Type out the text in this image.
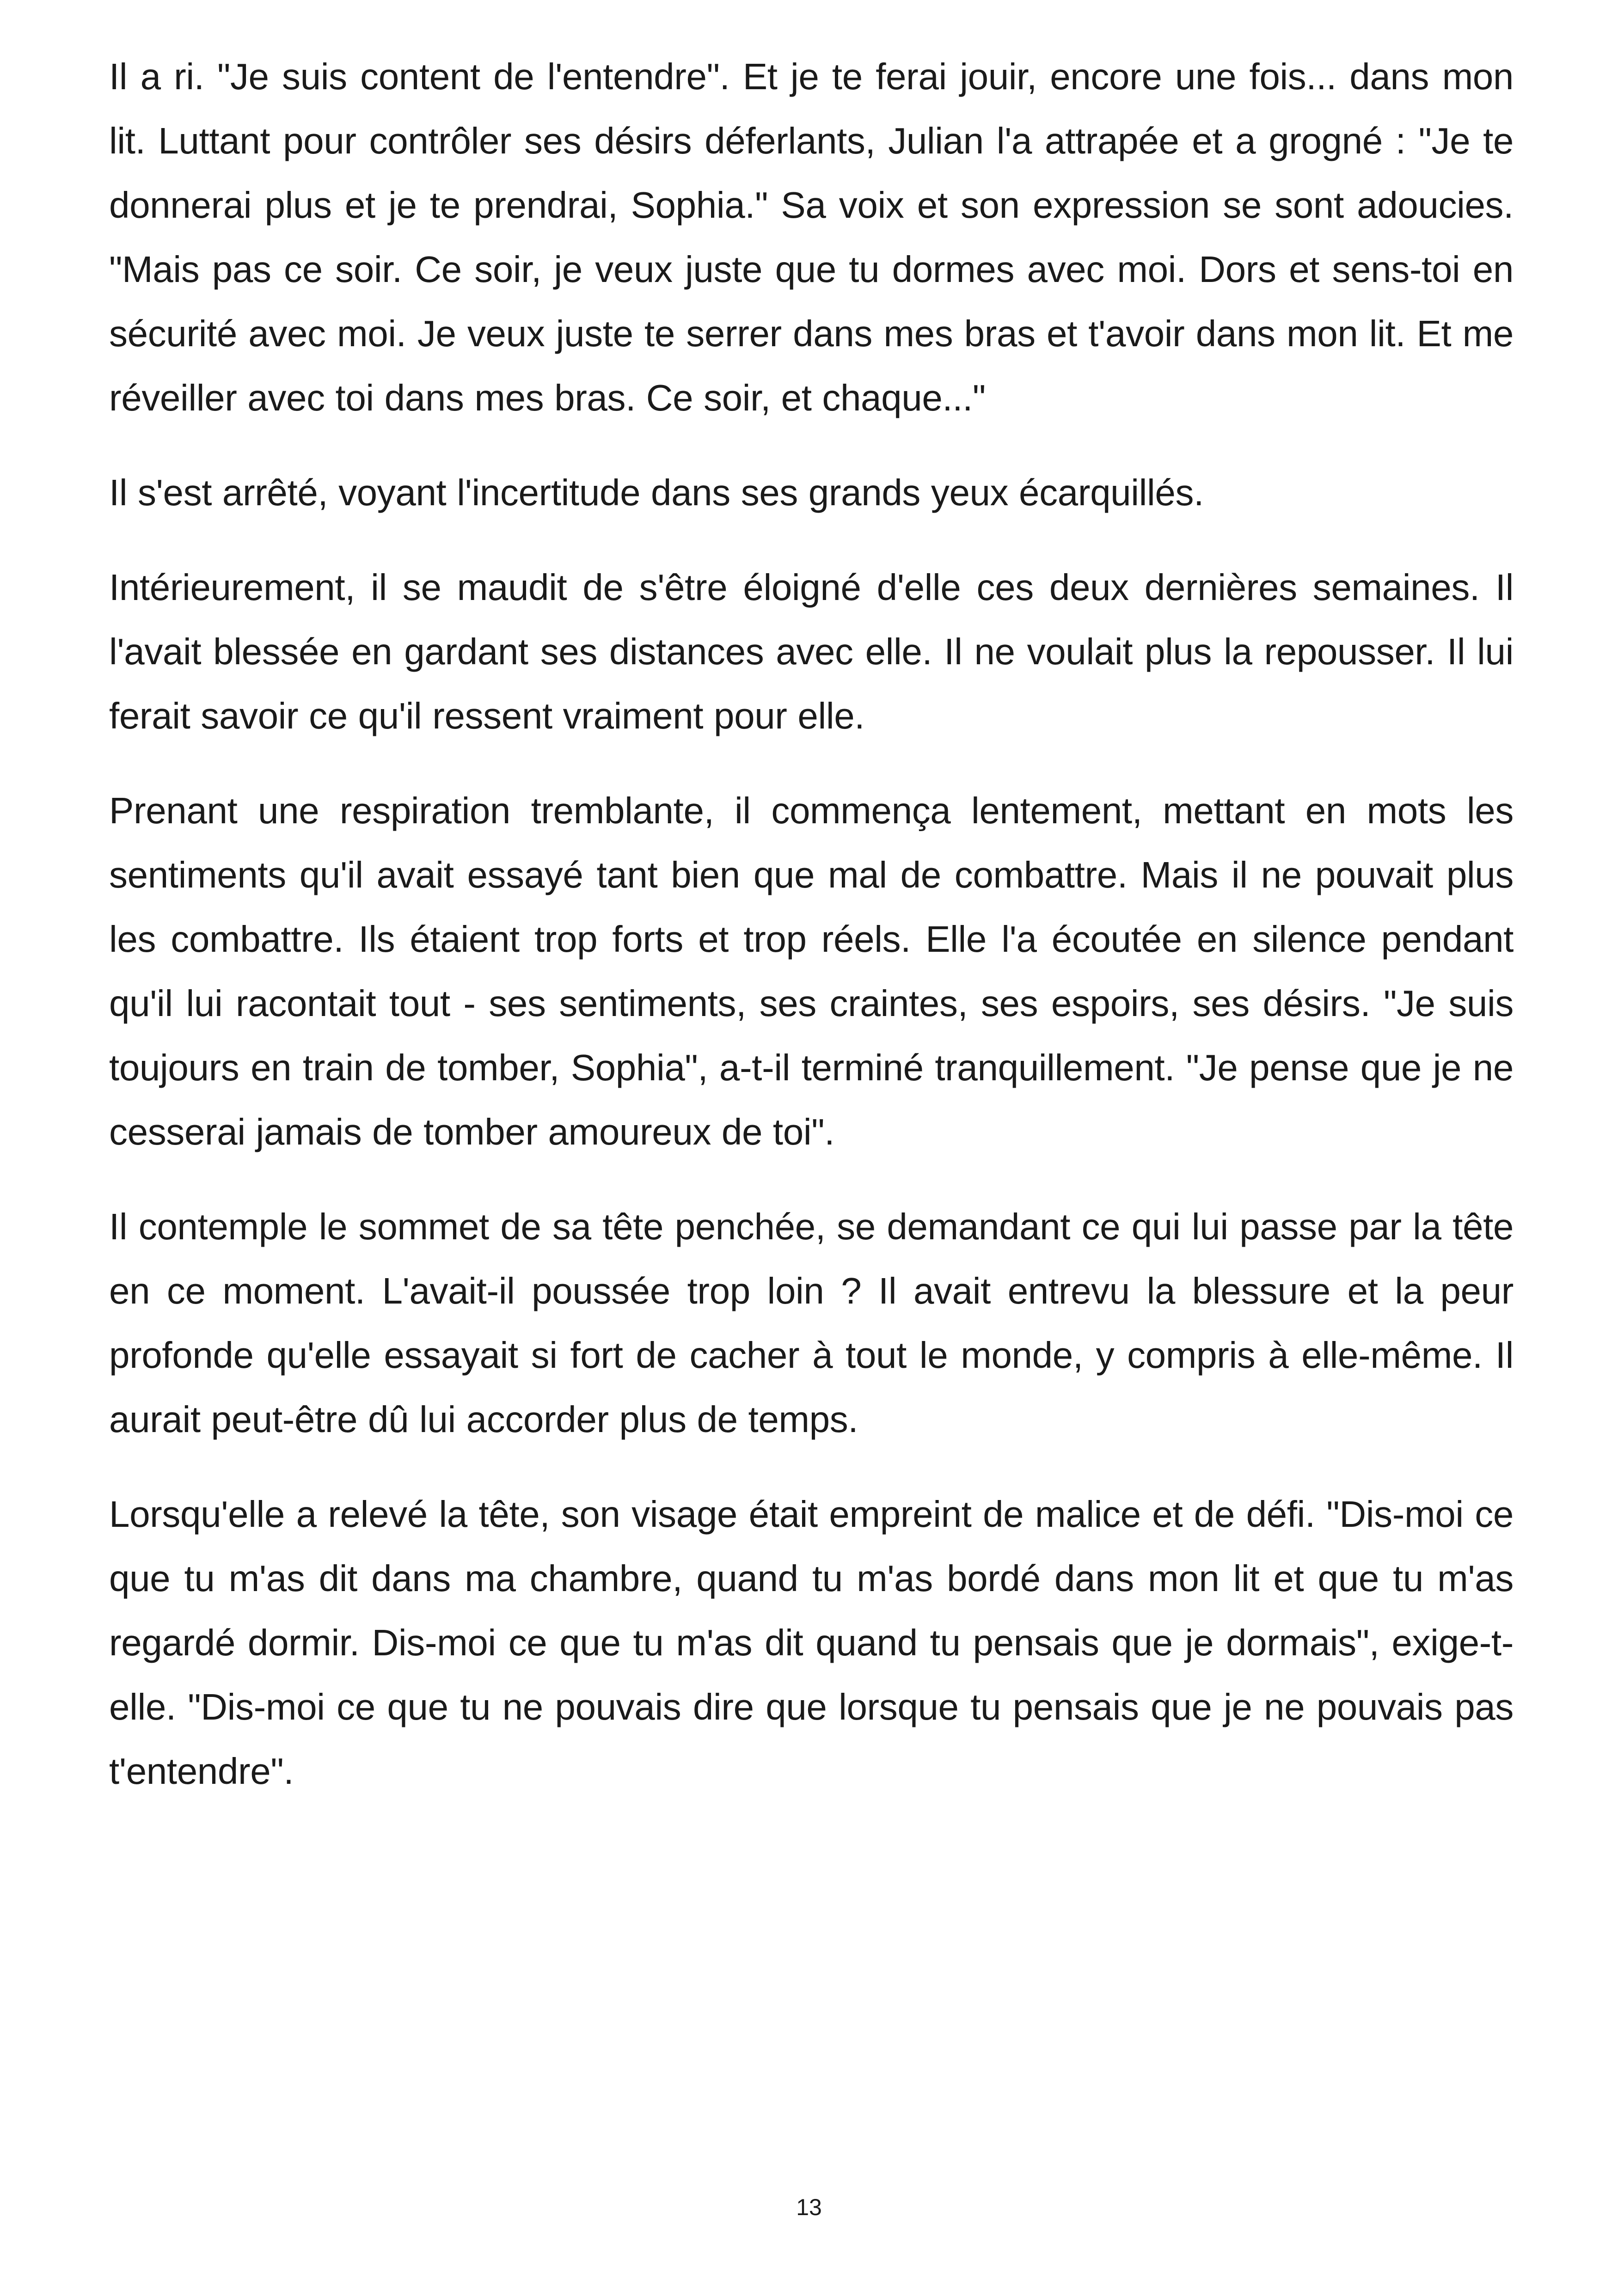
Il a ri. "Je suis content de l'entendre". Et je te ferai jouir, encore une fois... dans mon lit. Luttant pour contrôler ses désirs déferlants, Julian l'a attrapée et a grogné : "Je te donnerai plus et je te prendrai, Sophia." Sa voix et son expression se sont adoucies. "Mais pas ce soir. Ce soir, je veux juste que tu dormes avec moi. Dors et sens-toi en sécurité avec moi. Je veux juste te serrer dans mes bras et t'avoir dans mon lit. Et me réveiller avec toi dans mes bras. Ce soir, et chaque..."

Il s'est arrêté, voyant l'incertitude dans ses grands yeux écarquillés.

Intérieurement, il se maudit de s'être éloigné d'elle ces deux dernières semaines. Il l'avait blessée en gardant ses distances avec elle. Il ne voulait plus la repousser. Il lui ferait savoir ce qu'il ressent vraiment pour elle.

Prenant une respiration tremblante, il commença lentement, mettant en mots les sentiments qu'il avait essayé tant bien que mal de combattre. Mais il ne pouvait plus les combattre. Ils étaient trop forts et trop réels. Elle l'a écoutée en silence pendant qu'il lui racontait tout - ses sentiments, ses craintes, ses espoirs, ses désirs. "Je suis toujours en train de tomber, Sophia", a-t-il terminé tranquillement. "Je pense que je ne cesserai jamais de tomber amoureux de toi".

Il contemple le sommet de sa tête penchée, se demandant ce qui lui passe par la tête en ce moment. L'avait-il poussée trop loin ? Il avait entrevu la blessure et la peur profonde qu'elle essayait si fort de cacher à tout le monde, y compris à elle-même. Il aurait peut-être dû lui accorder plus de temps.

Lorsqu'elle a relevé la tête, son visage était empreint de malice et de défi. "Dis-moi ce que tu m'as dit dans ma chambre, quand tu m'as bordé dans mon lit et que tu m'as regardé dormir. Dis-moi ce que tu m'as dit quand tu pensais que je dormais", exige-t-elle. "Dis-moi ce que tu ne pouvais dire que lorsque tu pensais que je ne pouvais pas t'entendre".

13
